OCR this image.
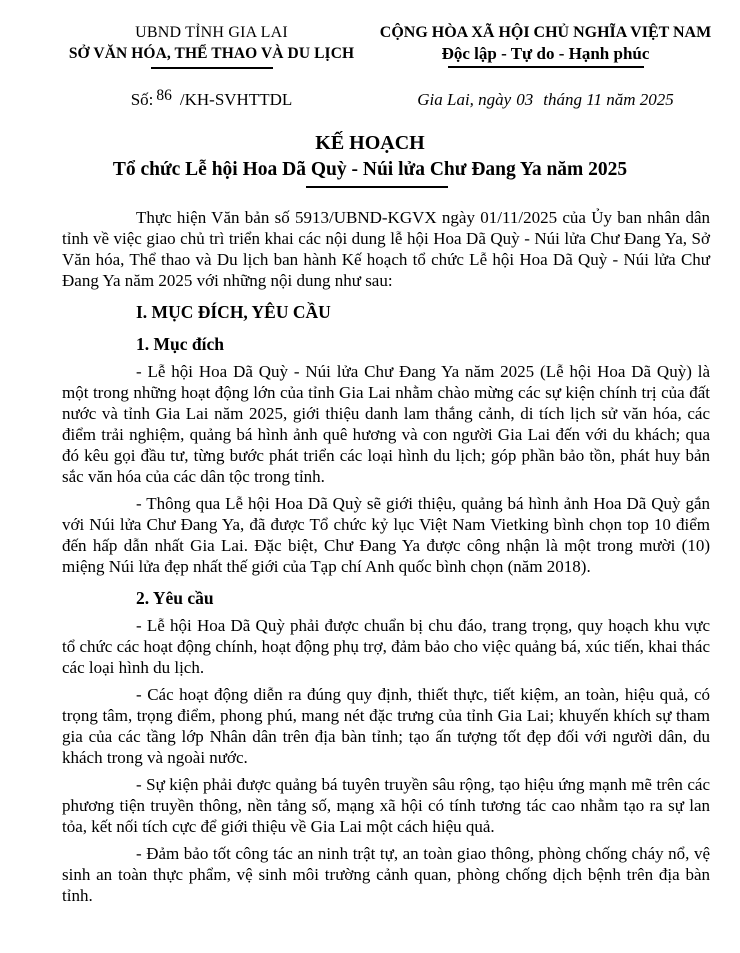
UBND TỈNH GIA LAI
SỞ VĂN HÓA, THỂ THAO VÀ DU LỊCH
CỘNG HÒA XÃ HỘI CHỦ NGHĨA VIỆT NAM
Độc lập - Tự do - Hạnh phúc
Số: 86 /KH-SVHTTDL	Gia Lai, ngày 03 tháng 11 năm 2025
KẾ HOẠCH
Tổ chức Lễ hội Hoa Dã Quỳ - Núi lửa Chư Đang Ya năm 2025

Thực hiện Văn bản số 5913/UBND-KGVX ngày 01/11/2025 của Ủy ban nhân dân tỉnh về việc giao chủ trì triển khai các nội dung lễ hội Hoa Dã Quỳ - Núi lửa Chư Đang Ya, Sở Văn hóa, Thể thao và Du lịch ban hành Kế hoạch tổ chức Lễ hội Hoa Dã Quỳ - Núi lửa Chư Đang Ya năm 2025 với những nội dung như sau:

I. MỤC ĐÍCH, YÊU CẦU

1. Mục đích

- Lễ hội Hoa Dã Quỳ - Núi lửa Chư Đang Ya năm 2025 (Lễ hội Hoa Dã Quỳ) là một trong những hoạt động lớn của tỉnh Gia Lai nhằm chào mừng các sự kiện chính trị của đất nước và tỉnh Gia Lai năm 2025, giới thiệu danh lam thắng cảnh, di tích lịch sử văn hóa, các điểm trải nghiệm, quảng bá hình ảnh quê hương và con người Gia Lai đến với du khách; qua đó kêu gọi đầu tư, từng bước phát triển các loại hình du lịch; góp phần bảo tồn, phát huy bản sắc văn hóa của các dân tộc trong tỉnh.

- Thông qua Lễ hội Hoa Dã Quỳ sẽ giới thiệu, quảng bá hình ảnh Hoa Dã Quỳ gắn với Núi lửa Chư Đang Ya, đã được Tổ chức kỷ lục Việt Nam Vietking bình chọn top 10 điểm đến hấp dẫn nhất Gia Lai. Đặc biệt, Chư Đang Ya được công nhận là một trong mười (10) miệng Núi lửa đẹp nhất thế giới của Tạp chí Anh quốc bình chọn (năm 2018).

2. Yêu cầu

- Lễ hội Hoa Dã Quỳ phải được chuẩn bị chu đáo, trang trọng, quy hoạch khu vực tổ chức các hoạt động chính, hoạt động phụ trợ, đảm bảo cho việc quảng bá, xúc tiến, khai thác các loại hình du lịch.

- Các hoạt động diễn ra đúng quy định, thiết thực, tiết kiệm, an toàn, hiệu quả, có trọng tâm, trọng điểm, phong phú, mang nét đặc trưng của tỉnh Gia Lai; khuyến khích sự tham gia của các tầng lớp Nhân dân trên địa bàn tỉnh; tạo ấn tượng tốt đẹp đối với người dân, du khách trong và ngoài nước.

- Sự kiện phải được quảng bá tuyên truyền sâu rộng, tạo hiệu ứng mạnh mẽ trên các phương tiện truyền thông, nền tảng số, mạng xã hội có tính tương tác cao nhằm tạo ra sự lan tỏa, kết nối tích cực để giới thiệu về Gia Lai một cách hiệu quả.

- Đảm bảo tốt công tác an ninh trật tự, an toàn giao thông, phòng chống cháy nổ, vệ sinh an toàn thực phẩm, vệ sinh môi trường cảnh quan, phòng chống dịch bệnh trên địa bàn tỉnh.
